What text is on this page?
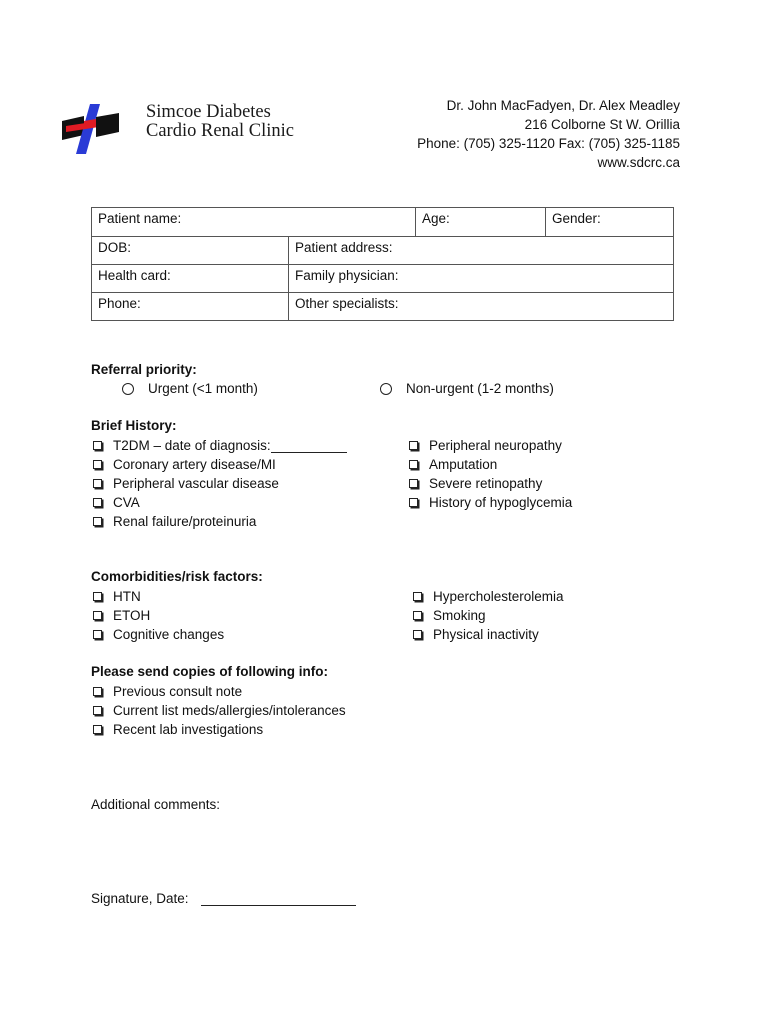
Simcoe Diabetes
Cardio Renal Clinic
Dr. John MacFadyen, Dr. Alex Meadley
216 Colborne St W. Orillia
Phone: (705) 325-1120 Fax: (705) 325-1185
www.sdcrc.ca
Patient name:	Age:	Gender:
DOB:	Patient address:
Health card:	Family physician:
Phone:	Other specialists:
Referral priority:
Urgent (<1 month)	Non-urgent (1-2 months)
Brief History:
T2DM – date of diagnosis:
Coronary artery disease/MI
Peripheral vascular disease
CVA
Renal failure/proteinuria
Peripheral neuropathy
Amputation
Severe retinopathy
History of hypoglycemia
Comorbidities/risk factors:
HTN
ETOH
Cognitive changes
Hypercholesterolemia
Smoking
Physical inactivity
Please send copies of following info:
Previous consult note
Current list meds/allergies/intolerances
Recent lab investigations
Additional comments:
Signature, Date:
